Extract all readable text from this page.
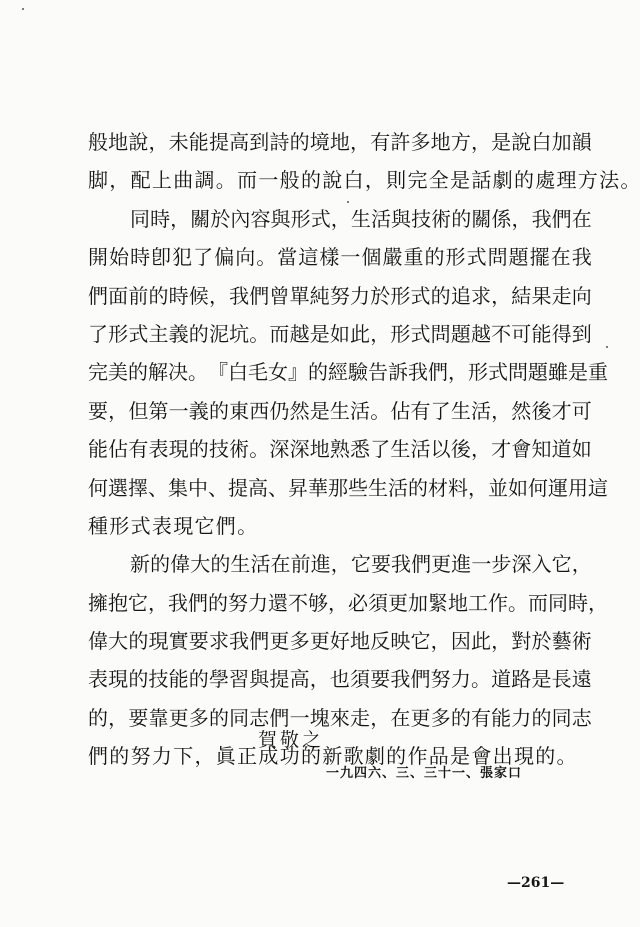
般 地 說 ， 未 能 提 高 到 詩 的 境 地 ， 有 許 多 地 方 ， 是 說 白 加 韻
脚 ， 配 上 曲 調 。 而 一 般 的 說 白 ， 則 完 全 是 話 劇 的 處 理 方 法 。
同 時 ， 關 於 內 容 與 形 式 ， 生 活 與 技 術 的 關 係 ， 我 們 在
開 始 時 卽 犯 了 偏 向 。 當 這 樣 一 個 嚴 重 的 形 式 問 題 擺 在 我
們 面 前 的 時 候 ， 我 們 曾 單 純 努 力 於 形 式 的 追 求 ， 結 果 走 向
了 形 式 主 義 的 泥 坑 。 而 越 是 如 此 ， 形 式 問 題 越 不 可 能 得 到
完 美 的 解 决 。 『 白 毛 女 』 的 經 驗 告 訴 我 們 ， 形 式 問 題 雖 是 重
要 ， 但 第 一 義 的 東 西 仍 然 是 生 活 。 佔 有 了 生 活 ， 然 後 才 可
能 佔 有 表 現 的 技 術 。 深 深 地 熟 悉 了 生 活 以 後 ， 才 會 知 道 如
何 選 擇 、 集 中 、 提 高 、 昇 華 那 些 生 活 的 材 料 ， 並 如 何 運 用 這
種 形 式 表 現 它 們 。
新 的 偉 大 的 生 活 在 前 進 ， 它 要 我 們 更 進 一 步 深 入 它 ，
擁 抱 它 ， 我 們 的 努 力 還 不 够 ， 必 須 更 加 緊 地 工 作 。 而 同 時 ，
偉 大 的 現 實 要 求 我 們 更 多 更 好 地 反 映 它 ， 因 此 ， 對 於 藝 術
表 現 的 技 能 的 學 習 與 提 高 ， 也 須 要 我 們 努 力 。 道 路 是 長 遠
的 ， 要 靠 更 多 的 同 志 們 一 塊 來 走 ， 在 更 多 的 有 能 力 的 同 志
們 的 努 力 下 ， 眞 正 成 功 的 新 歌 劇 的 作 品 是 會 出 現 的 。
賀敬之
一九四六、三、三十一、張家口
—261—
